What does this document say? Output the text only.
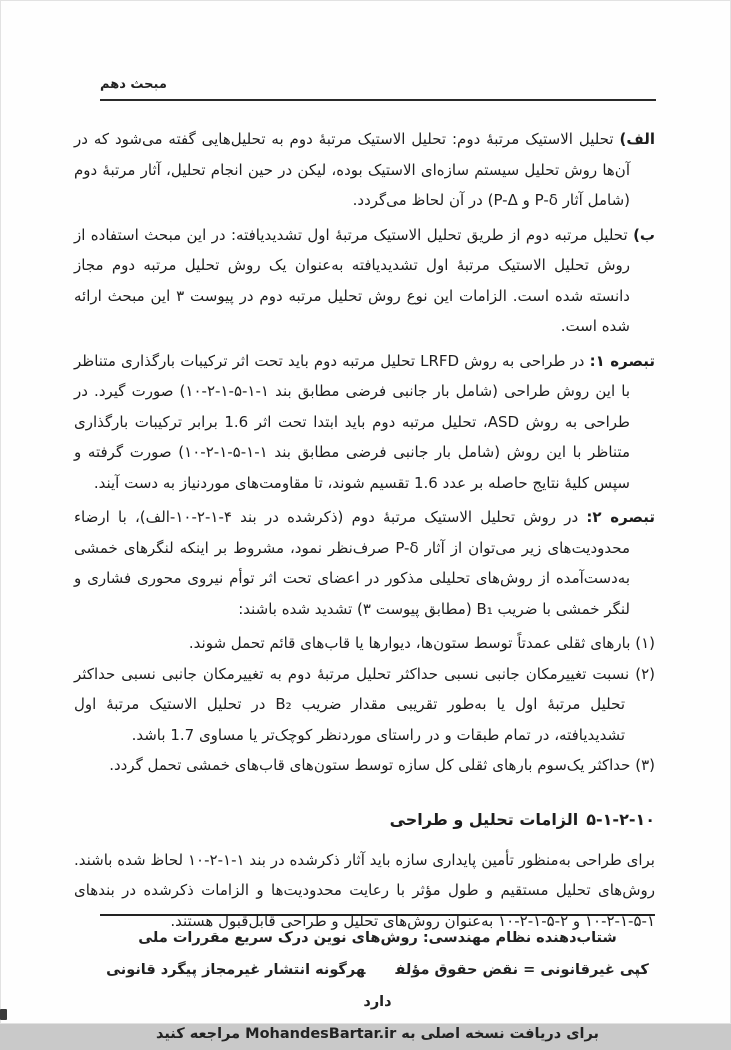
مبحث دهم

الف) تحلیل الاستیک مرتبهٔ دوم: تحلیل الاستیک مرتبهٔ دوم به تحلیل‌هایی گفته می‌شود که در آن‌ها روش تحلیل سیستم سازه‌ای الاستیک بوده، لیکن در حین انجام تحلیل، آثار مرتبهٔ دوم (شامل آثار P-δ و P-Δ) در آن لحاظ می‌گردد.

ب) تحلیل مرتبه دوم از طریق تحلیل الاستیک مرتبهٔ اول تشدیدیافته: در این مبحث استفاده از روش تحلیل الاستیک مرتبهٔ اول تشدیدیافته به‌عنوان یک روش تحلیل مرتبه دوم مجاز دانسته شده است. الزامات این نوع روش تحلیل مرتبه دوم در پیوست ۳ این مبحث ارائه شده است.

تبصره ۱: در طراحی به روش LRFD تحلیل مرتبه دوم باید تحت اثر ترکیبات بارگذاری متناظر با این روش طراحی (شامل بار جانبی فرضی مطابق بند ۱-۱-۵-۱-۲-۱۰) صورت گیرد. در طراحی به روش ASD، تحلیل مرتبه دوم باید ابتدا تحت اثر 1.6 برابر ترکیبات بارگذاری متناظر با این روش (شامل بار جانبی فرضی مطابق بند ۱-۱-۵-۱-۲-۱۰) صورت گرفته و سپس کلیهٔ نتایج حاصله بر عدد 1.6 تقسیم شوند، تا مقاومت‌های موردنیاز به دست آیند.

تبصره ۲: در روش تحلیل الاستیک مرتبهٔ دوم (ذکرشده در بند ۴-۱-۲-۱۰-الف)، با ارضاء محدودیت‌های زیر می‌توان از آثار P-δ صرف‌نظر نمود، مشروط بر اینکه لنگرهای خمشی به‌دست‌آمده از روش‌های تحلیلی مذکور در اعضای تحت اثر توأم نیروی محوری فشاری و لنگر خمشی با ضریب B₁ (مطابق پیوست ۳) تشدید شده باشند:

(۱) بارهای ثقلی عمدتاً توسط ستون‌ها، دیوارها یا قاب‌های قائم تحمل شوند.
(۲) نسبت تغییرمکان جانبی نسبی حداکثر تحلیل مرتبهٔ دوم به تغییرمکان جانبی نسبی حداکثر تحلیل مرتبهٔ اول یا به‌طور تقریبی مقدار ضریب B₂ در تحلیل الاستیک مرتبهٔ اول تشدیدیافته، در تمام طبقات و در راستای موردنظر کوچک‌تر یا مساوی 1.7 باشد.
(۳) حداکثر یک‌سوم بارهای ثقلی کل سازه توسط ستون‌های قاب‌های خمشی تحمل گردد.
۵-۱-۲-۱۰الزامات تحلیل و طراحی

برای طراحی به‌منظور تأمین پایداری سازه باید آثار ذکرشده در بند ۱-۱-۲-۱۰ لحاظ شده باشند. روش‌های تحلیل مستقیم و طول مؤثر با رعایت محدودیت‌ها و الزامات ذکرشده در بندهای ۱-۵-۱-۲-۱۰ و ۲-۵-۱-۲-۱۰ به‌عنوان روش‌های تحلیل و طراحی قابل‌قبول هستند.

شتاب‌دهنده نظام مهندسی: روش‌های نوین درک سریع مقررات ملی
کپی غیرقانونی = نقض حقوق مؤلفهرگونه انتشار غیرمجاز پیگرد قانونی دارد
برای دریافت نسخه اصلی به MohandesBartar.ir مراجعه کنید
